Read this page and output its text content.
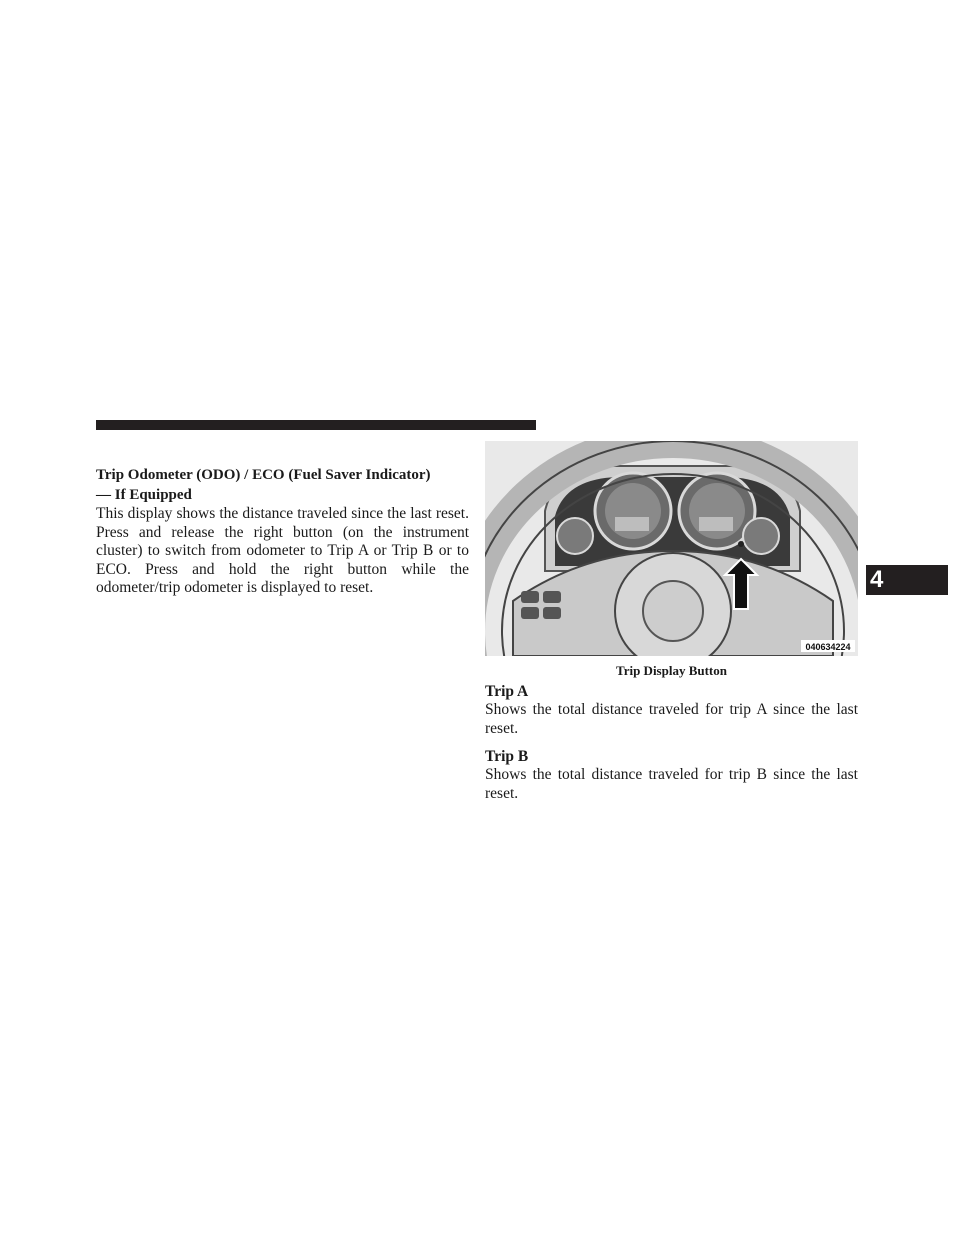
Trip Odometer (ODO) / ECO (Fuel Saver Indicator)
— If Equipped

This display shows the distance traveled since the last reset. Press and release the right button (on the instrument cluster) to switch from odometer to Trip A or Trip B or to ECO. Press and hold the right button while the odometer/trip odometer is displayed to reset.

040634224
Trip Display Button

Trip A

Shows the total distance traveled for trip A since the last reset.

Trip B

Shows the total distance traveled for trip B since the last reset.

4
